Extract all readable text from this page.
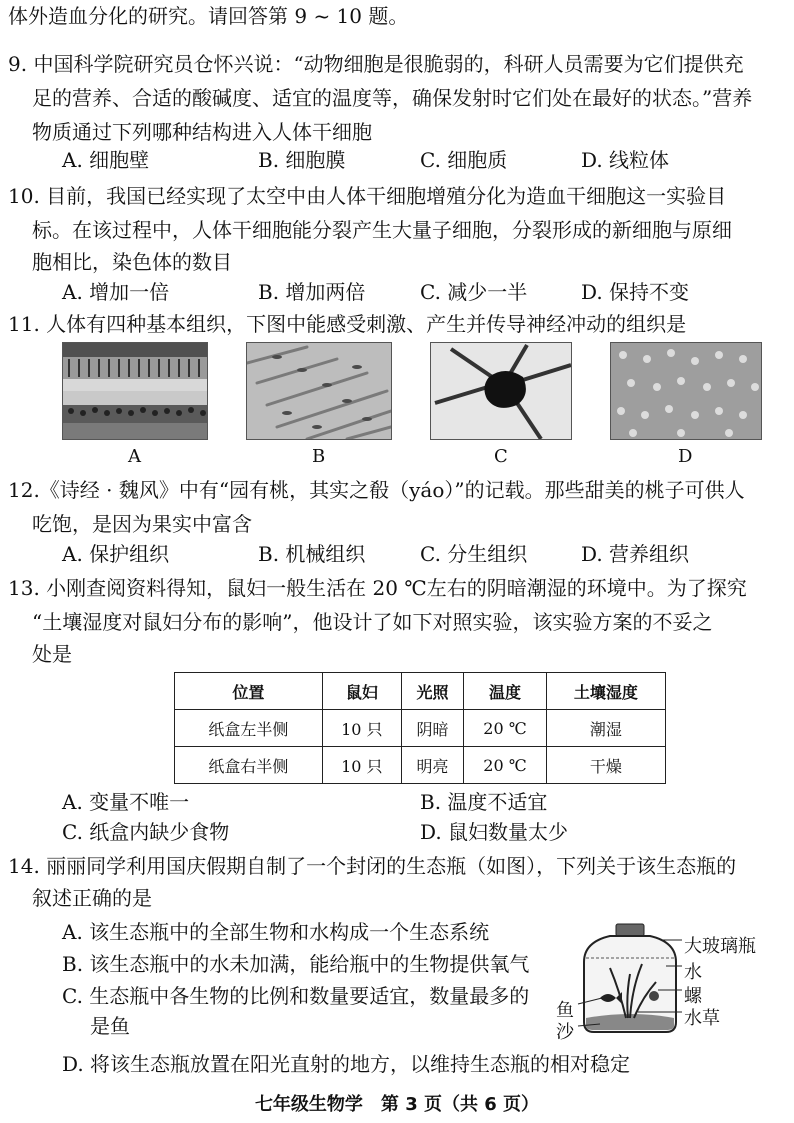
体外造血分化的研究。请回答第 9 ~ 10 题。
9. 中国科学院研究员仓怀兴说：“动物细胞是很脆弱的，科研人员需要为它们提供充
足的营养、合适的酸碱度、适宜的温度等，确保发射时它们处在最好的状态。”营养
物质通过下列哪种结构进入人体干细胞
A. 细胞壁	B. 细胞膜	C. 细胞质	D. 线粒体
10. 目前，我国已经实现了太空中由人体干细胞增殖分化为造血干细胞这一实验目
标。在该过程中，人体干细胞能分裂产生大量子细胞，分裂形成的新细胞与原细
胞相比，染色体的数目
A. 增加一倍	B. 增加两倍	C. 减少一半	D. 保持不变
11. 人体有四种基本组织，下图中能感受刺激、产生并传导神经冲动的组织是
A	B	C	D
12.《诗经 · 魏风》中有“园有桃，其实之殽（yáo）”的记载。那些甜美的桃子可供人
吃饱，是因为果实中富含
A. 保护组织	B. 机械组织	C. 分生组织	D. 营养组织
13. 小刚查阅资料得知，鼠妇一般生活在 20 ℃左右的阴暗潮湿的环境中。为了探究
“土壤湿度对鼠妇分布的影响”，他设计了如下对照实验，该实验方案的不妥之
处是
位置	鼠妇	光照	温度	土壤湿度
纸盒左半侧	10 只	阴暗	20 ℃	潮湿
纸盒右半侧	10 只	明亮	20 ℃	干燥
A. 变量不唯一	B. 温度不适宜
C. 纸盒内缺少食物	D. 鼠妇数量太少
14. 丽丽同学利用国庆假期自制了一个封闭的生态瓶（如图），下列关于该生态瓶的
叙述正确的是
A. 该生态瓶中的全部生物和水构成一个生态系统
B. 该生态瓶中的水未加满，能给瓶中的生物提供氧气
C. 生态瓶中各生物的比例和数量要适宜，数量最多的
是鱼
D. 将该生态瓶放置在阳光直射的地方，以维持生态瓶的相对稳定
大玻璃瓶
水
螺
水草
鱼
沙
七年级生物学　第 3 页（共 6 页）
